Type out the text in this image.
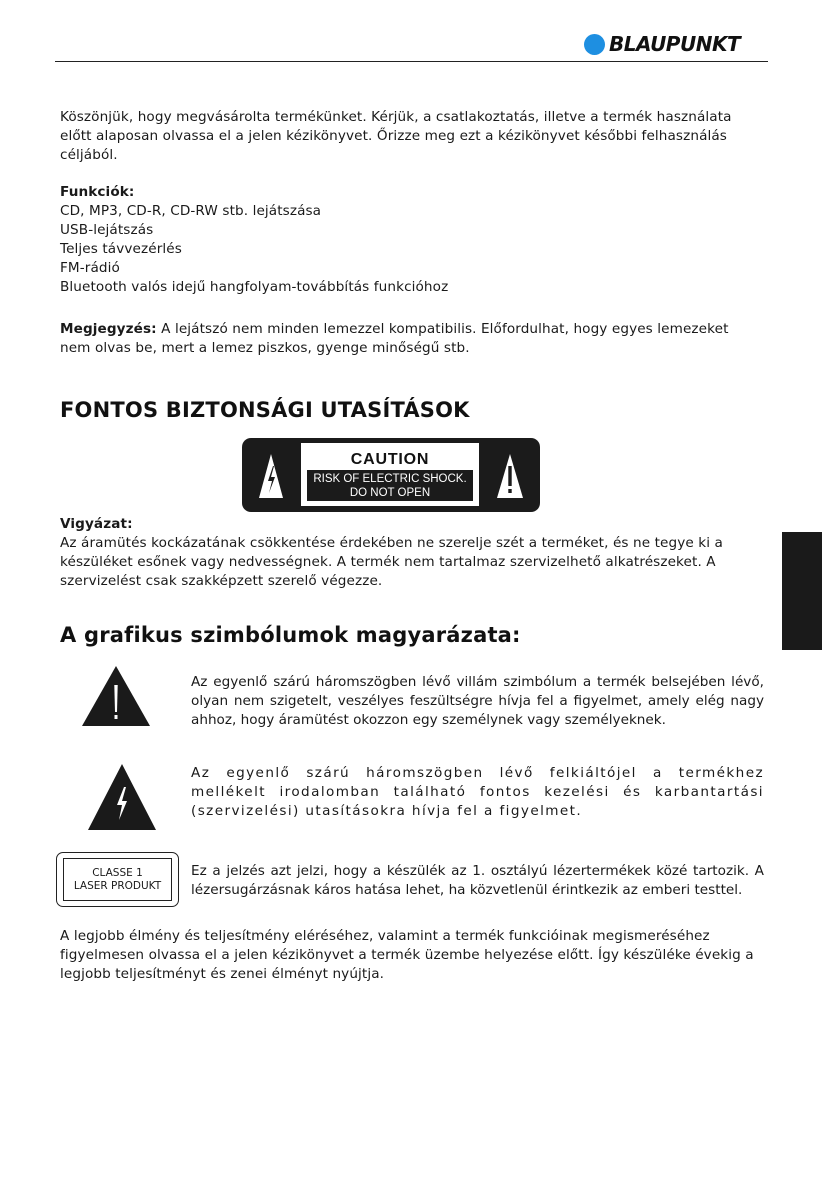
BLAUPUNKT
Köszönjük, hogy megvásárolta termékünket. Kérjük, a csatlakoztatás, illetve a termék használata előtt alaposan olvassa el a jelen kézikönyvet. Őrizze meg ezt a kézikönyvet későbbi felhasználás céljából.
Funkciók:
CD, MP3, CD-R, CD-RW stb. lejátszása
USB-lejátszás
Teljes távvezérlés
FM-rádió
Bluetooth valós idejű hangfolyam-továbbítás funkcióhoz
Megjegyzés: A lejátszó nem minden lemezzel kompatibilis. Előfordulhat, hogy egyes lemezeket nem olvas be, mert a lemez piszkos, gyenge minőségű stb.
FONTOS BIZTONSÁGI UTASÍTÁSOK
CAUTION
RISK OF ELECTRIC SHOCK.
DO NOT OPEN
Vigyázat:
Az áramütés kockázatának csökkentése érdekében ne szerelje szét a terméket, és ne tegye ki a készüléket esőnek vagy nedvességnek. A termék nem tartalmaz szervizelhető alkatrészeket. A szervizelést csak szakképzett szerelő végezze.
A grafikus szimbólumok magyarázata:
Az egyenlő szárú háromszögben lévő villám szimbólum a termék belsejében lévő, olyan nem szigetelt, veszélyes feszültségre hívja fel a figyelmet, amely elég nagy ahhoz, hogy áramütést okozzon egy személynek vagy személyeknek.
Az egyenlő szárú háromszögben lévő felkiáltójel a termékhez mellékelt irodalomban található fontos kezelési és karbantartási (szervizelési) utasításokra hívja fel a figyelmet.
CLASSE 1
LASER PRODUKT
Ez a jelzés azt jelzi, hogy a készülék az 1. osztályú lézertermékek közé tartozik. A lézersugárzásnak káros hatása lehet, ha közvetlenül érintkezik az emberi testtel.
A legjobb élmény és teljesítmény eléréséhez, valamint a termék funkcióinak megismeréséhez figyelmesen olvassa el a jelen kézikönyvet a termék üzembe helyezése előtt. Így készüléke évekig a legjobb teljesítményt és zenei élményt nyújtja.
